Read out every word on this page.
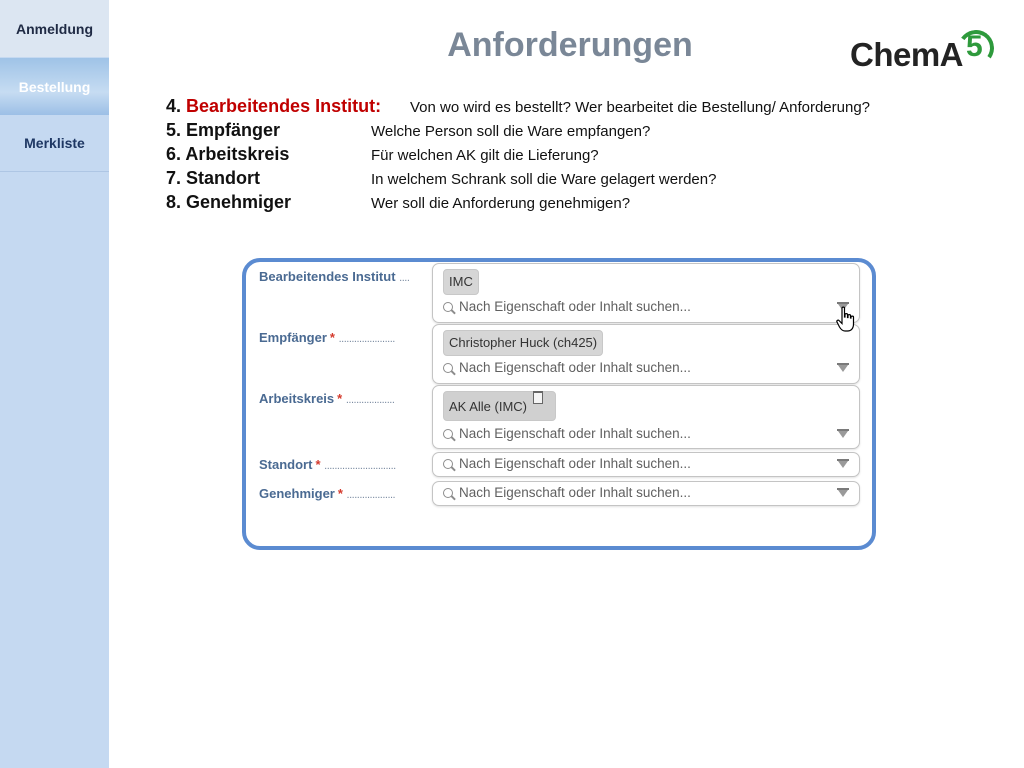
Anmeldung
Bestellung
Merkliste
Anforderungen	ChemA 5
4. Bearbeitendes Institut: Von wo wird es bestellt? Wer bearbeitet die Bestellung/ Anforderung?
5. Empfänger	Welche Person soll die Ware empfangen?
6. Arbeitskreis	Für welchen AK gilt die Lieferung?
7. Standort	In welchem Schrank soll die Ware gelagert werden?
8. Genehmiger	Wer soll die Anforderung genehmigen?
Bearbeitendes Institut ....	IMC
Nach Eigenschaft oder Inhalt suchen...
Empfänger * ......................	Christopher Huck (ch425)
Nach Eigenschaft oder Inhalt suchen...
Arbeitskreis * ...................	AK Alle (IMC)
Nach Eigenschaft oder Inhalt suchen...
Standort * ............................	Nach Eigenschaft oder Inhalt suchen...
Genehmiger * ...................	Nach Eigenschaft oder Inhalt suchen...
